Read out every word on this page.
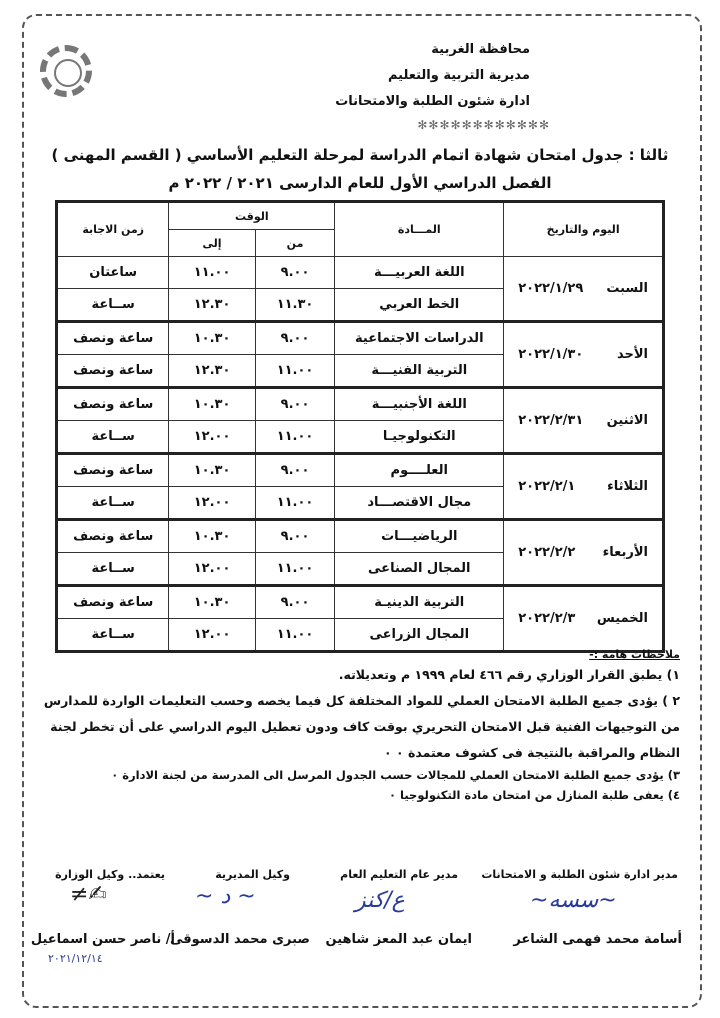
محافظة الغربية
مديرية التربية والتعليم
ادارة شئون الطلبة والامتحانات
✻✻✻✻✻✻✻✻✻✻✻✻
ثالثا : جدول امتحان شهادة اتمام الدراسة لمرحلة التعليم الأساسي ( القسم المهنى )
الفصل الدراسي الأول للعام الدارسى ٢٠٢١ / ٢٠٢٢ م
اليوم والتاريخ	المـــادة	الوقت		زمن الاجابة
		من	إلى	

السبت
٢٠٢٢/١/٢٩	اللغة العربيـــة	٩.٠٠	١١.٠٠	ساعتان
	الخط العربي	١١.٣٠	١٢.٣٠	ســاعة

الأحد
٢٠٢٢/١/٣٠	الدراسات الاجتماعية	٩.٠٠	١٠.٣٠	ساعة ونصف
	التربية الفنيـــة	١١.٠٠	١٢.٣٠	ساعة ونصف

الاثنين
٢٠٢٢/٢/٣١	اللغة الأجنبيـــة	٩.٠٠	١٠.٣٠	ساعة ونصف
	التكنولوجيـا	١١.٠٠	١٢.٠٠	ســاعة

الثلاثاء
٢٠٢٢/٢/١	العلــــوم	٩.٠٠	١٠.٣٠	ساعة ونصف
	مجال الاقتصـــاد	١١.٠٠	١٢.٠٠	ســاعة

الأربعاء
٢٠٢٢/٢/٢	الرياضيـــات	٩.٠٠	١٠.٣٠	ساعة ونصف
	المجال الصناعى	١١.٠٠	١٢.٠٠	ســاعة

الخميس
٢٠٢٢/٢/٣	التربية الدينيـة	٩.٠٠	١٠.٣٠	ساعة ونصف
	المجال الزراعى	١١.٠٠	١٢.٠٠	ســاعة
ملاحظات هامة :-
١) يطبق القرار الوزاري رقم ٤٦٦ لعام ١٩٩٩ م وتعديلاته.
٢ ) يؤدى جميع الطلبة الامتحان العملي للمواد المختلفة كل فيما يخصه وحسب التعليمات الواردة للمدارس من التوجيهات الفنية قبل الامتحان التحريري بوقت كاف ودون تعطيل اليوم الدراسي على أن تخطر لجنة النظام والمراقبة بالنتيجة فى كشوف معتمدة ٠ ٠
٣) يؤدى جميع الطلبة الامتحان العملي للمجالات حسب الجدول المرسل الى المدرسة من لجنة الادارة ٠
٤) يعفى طلبة المنازل من امتحان مادة التكنولوجيا ٠
مدير ادارة شئون الطلبة و الامتحانات
مدير عام التعليم العام
وكيل المديرية
يعتمد.. وكيل الوزارة
~سسه~
ع/كنز
~ د ~
≠✍
أسامة محمد فهمى الشاعر
ايمان عبد المعز شاهين
صبرى محمد الدسوقى
أ/ ناصر حسن اسماعيل
٢٠٢١/١٢/١٤
